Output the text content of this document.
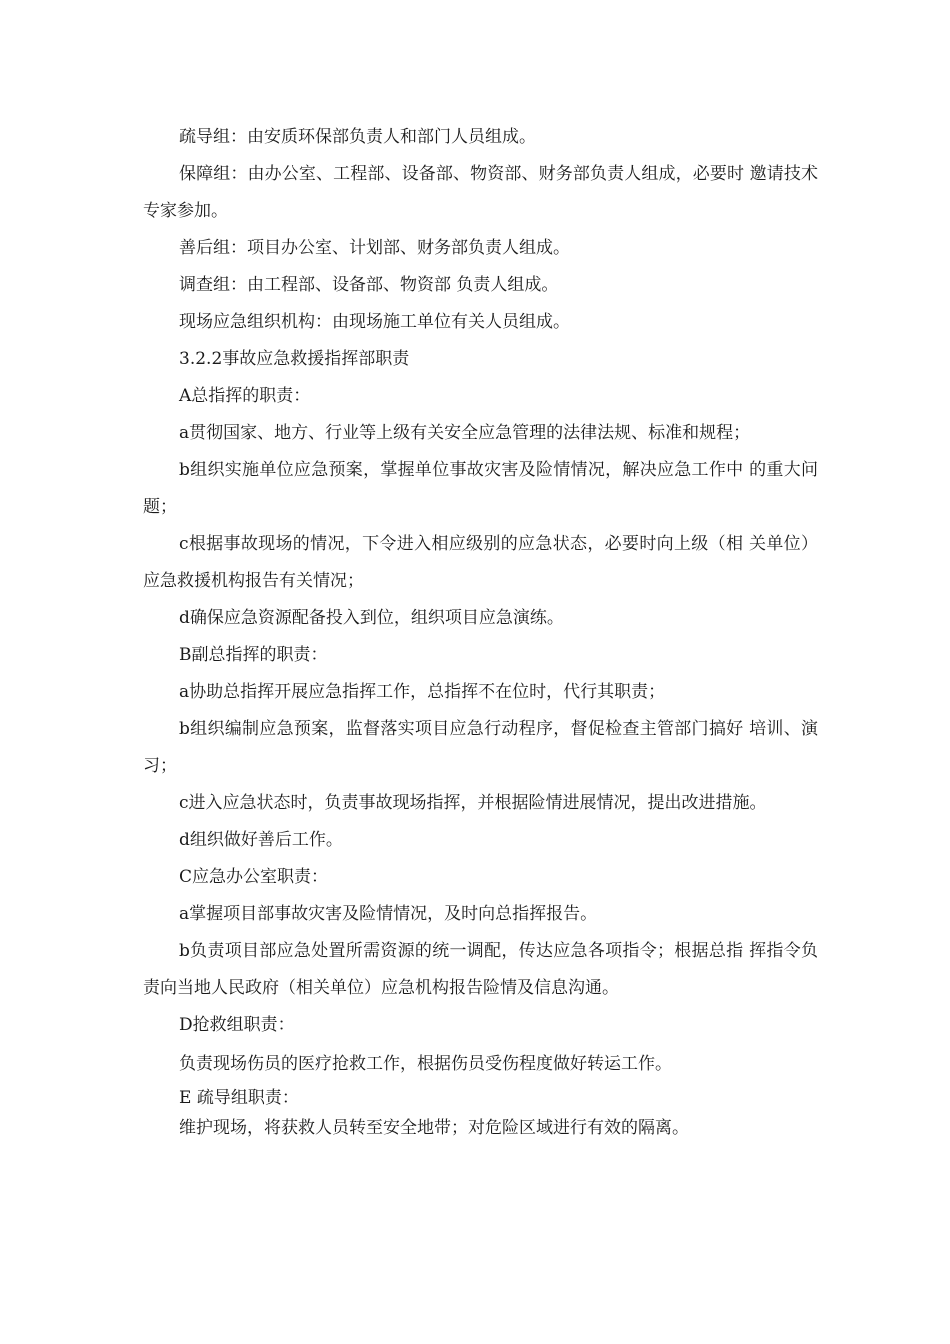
疏导组：由安质环保部负责人和部门人员组成。

保障组：由办公室、工程部、设备部、物资部、财务部负责人组成，必要时 邀请技术专家参加。

善后组：项目办公室、计划部、财务部负责人组成。

调查组：由工程部、设备部、物资部 负责人组成。

现场应急组织机构：由现场施工单位有关人员组成。

3.2.2事故应急救援指挥部职责

A总指挥的职责：

a贯彻国家、地方、行业等上级有关安全应急管理的法律法规、标准和规程；

b组织实施单位应急预案，掌握单位事故灾害及险情情况，解决应急工作中 的重大问题；

c根据事故现场的情况，下令进入相应级别的应急状态，必要时向上级（相 关单位）应急救援机构报告有关情况；

d确保应急资源配备投入到位，组织项目应急演练。

B副总指挥的职责：

a协助总指挥开展应急指挥工作，总指挥不在位时，代行其职责；

b组织编制应急预案，监督落实项目应急行动程序，督促检查主管部门搞好 培训、演习；

c进入应急状态时，负责事故现场指挥，并根据险情进展情况，提出改进措施。

d组织做好善后工作。

C应急办公室职责：

a掌握项目部事故灾害及险情情况，及时向总指挥报告。

b负责项目部应急处置所需资源的统一调配，传达应急各项指令；根据总指 挥指令负责向当地人民政府（相关单位）应急机构报告险情及信息沟通。

D抢救组职责：

负责现场伤员的医疗抢救工作，根据伤员受伤程度做好转运工作。

E 疏导组职责：

维护现场，将获救人员转至安全地带；对危险区域进行有效的隔离。
